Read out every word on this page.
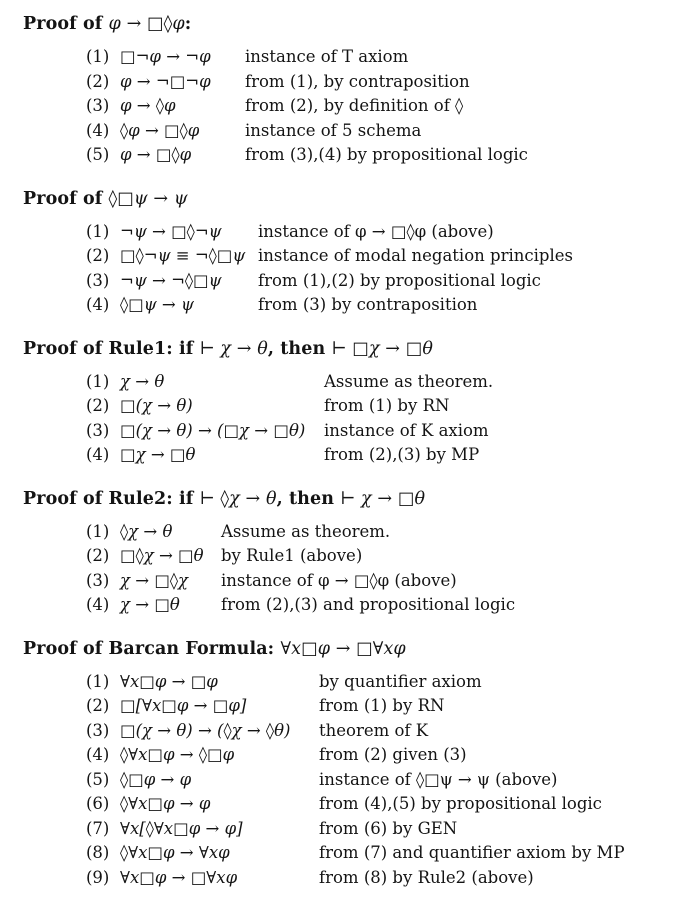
Proof of φ → □◊φ:
(1) □¬φ → ¬φ	instance of T axiom
(2) φ → ¬□¬φ	from (1), by contraposition
(3) φ → ◊φ	from (2), by definition of ◊
(4) ◊φ → □◊φ	instance of 5 schema
(5) φ → □◊φ	from (3),(4) by propositional logic
Proof of ◊□ψ → ψ
(1) ¬ψ → □◊¬ψ	instance of φ → □◊φ (above)
(2) □◊¬ψ ≡ ¬◊□ψ instance of modal negation principles
(3) ¬ψ → ¬◊□ψ	from (1),(2) by propositional logic
(4) ◊□ψ → ψ	from (3) by contraposition
Proof of Rule1: if ⊢ χ → θ, then ⊢ □χ → □θ
(1) χ → θ	Assume as theorem.
(2) □(χ → θ)	from (1) by RN
(3) □(χ → θ) → (□χ → □θ)	instance of K axiom
(4) □χ → □θ	from (2),(3) by MP
Proof of Rule2: if ⊢ ◊χ → θ, then ⊢ χ → □θ
(1) ◊χ → θ	Assume as theorem.
(2) □◊χ → □θ	by Rule1 (above)
(3) χ → □◊χ	instance of φ → □◊φ (above)
(4) χ → □θ	from (2),(3) and propositional logic
Proof of Barcan Formula: ∀x□φ → □∀xφ
(1) ∀x□φ → □φ	by quantifier axiom
(2) □[∀x□φ → □φ]	from (1) by RN
(3) □(χ → θ) → (◊χ → ◊θ)	theorem of K
(4) ◊∀x□φ → ◊□φ	from (2) given (3)
(5) ◊□φ → φ	instance of ◊□ψ → ψ (above)
(6) ◊∀x□φ → φ	from (4),(5) by propositional logic
(7) ∀x[◊∀x□φ → φ]	from (6) by GEN
(8) ◊∀x□φ → ∀xφ	from (7) and quantifier axiom by MP
(9) ∀x□φ → □∀xφ	from (8) by Rule2 (above)
